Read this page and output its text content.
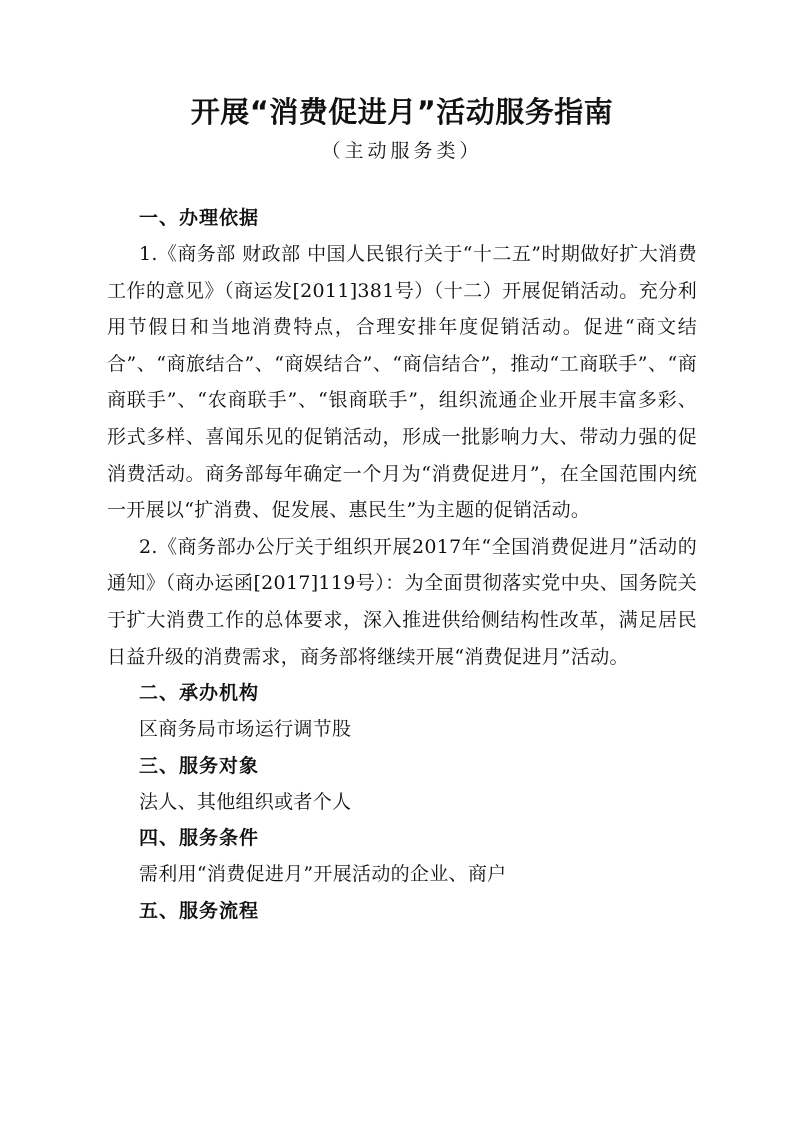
开展“消费促进月”活动服务指南
（主动服务类）
一、办理依据

1.《商务部 财政部 中国人民银行关于“十二五”时期做好扩大消费工作的意见》（商运发[2011]381号）（十二）开展促销活动。充分利用节假日和当地消费特点，合理安排年度促销活动。促进“商文结合”、“商旅结合”、“商娱结合”、“商信结合”，推动“工商联手”、“商商联手”、“农商联手”、“银商联手”，组织流通企业开展丰富多彩、形式多样、喜闻乐见的促销活动，形成一批影响力大、带动力强的促消费活动。商务部每年确定一个月为“消费促进月”，在全国范围内统一开展以“扩消费、促发展、惠民生”为主题的促销活动。

2.《商务部办公厅关于组织开展2017年“全国消费促进月”活动的通知》（商办运函[2017]119号）：为全面贯彻落实党中央、国务院关于扩大消费工作的总体要求，深入推进供给侧结构性改革，满足居民日益升级的消费需求，商务部将继续开展“消费促进月”活动。

二、承办机构

区商务局市场运行调节股

三、服务对象

法人、其他组织或者个人

四、服务条件

需利用“消费促进月”开展活动的企业、商户

五、服务流程
